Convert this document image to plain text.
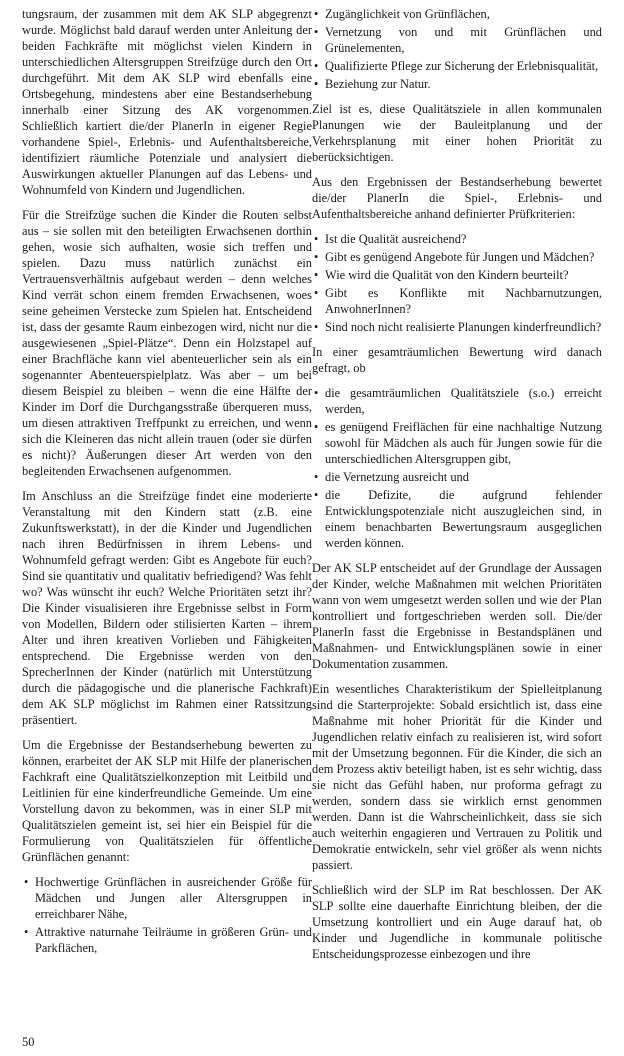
tungsraum, der zusammen mit dem AK SLP abgegrenzt wurde. Möglichst bald darauf werden unter Anleitung der beiden Fachkräfte mit möglichst vielen Kindern in unterschiedlichen Altersgruppen Streifzüge durch den Ort durchgeführt. Mit dem AK SLP wird ebenfalls eine Ortsbegehung, mindestens aber eine Bestandserhebung innerhalb einer Sitzung des AK vorgenommen. Schließlich kartiert die/der PlanerIn in eigener Regie vorhandene Spiel-, Erlebnis- und Aufenthaltsbereiche, identifiziert räumliche Potenziale und analysiert die Auswirkungen aktueller Planungen auf das Lebens- und Wohnumfeld von Kindern und Jugendlichen.

Für die Streifzüge suchen die Kinder die Routen selbst aus – sie sollen mit den beteiligten Erwachsenen dorthin gehen, wosie sich aufhalten, wosie sich treffen und spielen. Dazu muss natürlich zunächst ein Vertrauensverhältnis aufgebaut werden – denn welches Kind verrät schon einem fremden Erwachsenen, woes seine geheimen Verstecke zum Spielen hat. Entscheidend ist, dass der gesamte Raum einbezogen wird, nicht nur die ausgewiesenen „Spiel-Plätze“. Denn ein Holzstapel auf einer Brachfläche kann viel abenteuerlicher sein als ein sogenannter Abenteuerspielplatz. Was aber – um bei diesem Beispiel zu bleiben – wenn die eine Hälfte der Kinder im Dorf die Durchgangsstraße überqueren muss, um diesen attraktiven Treffpunkt zu erreichen, und wenn sich die Kleineren das nicht allein trauen (oder sie dürfen es nicht)? Äußerungen dieser Art werden von den begleitenden Erwachsenen aufgenommen.

Im Anschluss an die Streifzüge findet eine moderierte Veranstaltung mit den Kindern statt (z.B. eine Zukunftswerkstatt), in der die Kinder und Jugendlichen nach ihren Bedürfnissen in ihrem Lebens- und Wohnumfeld gefragt werden: Gibt es Angebote für euch? Sind sie quantitativ und qualitativ befriedigend? Was fehlt wo? Was wünscht ihr euch? Welche Prioritäten setzt ihr? Die Kinder visualisieren ihre Ergebnisse selbst in Form von Modellen, Bildern oder stilisierten Karten – ihrem Alter und ihren kreativen Vorlieben und Fähigkeiten entsprechend. Die Ergebnisse werden von den SprecherInnen der Kinder (natürlich mit Unterstützung durch die pädagogische und die planerische Fachkraft) dem AK SLP möglichst im Rahmen einer Ratssitzung präsentiert.

Um die Ergebnisse der Bestandserhebung bewerten zu können, erarbeitet der AK SLP mit Hilfe der planerischen Fachkraft eine Qualitätszielkonzeption mit Leitbild und Leitlinien für eine kinderfreundliche Gemeinde. Um eine Vorstellung davon zu bekommen, was in einer SLP mit Qualitätszielen gemeint ist, sei hier ein Beispiel für die Formulierung von Qualitätszielen für öffentliche Grünflächen genannt:

• Hochwertige Grünflächen in ausreichender Größe für Mädchen und Jungen aller Altersgruppen in erreichbarer Nähe,
• Attraktive naturnahe Teilräume in größeren Grün- und Parkflächen,
• Zugänglichkeit von Grünflächen,
• Vernetzung von und mit Grünflächen und Grünelementen,
• Qualifizierte Pflege zur Sicherung der Erlebnisqualität,
• Beziehung zur Natur.

Ziel ist es, diese Qualitätsziele in allen kommunalen Planungen wie der Bauleitplanung und der Verkehrsplanung mit einer hohen Priorität zu berücksichtigen.

Aus den Ergebnissen der Bestandserhebung bewertet die/der PlanerIn die Spiel-, Erlebnis- und Aufenthaltsbereiche anhand definierter Prüfkriterien:

• Ist die Qualität ausreichend?
• Gibt es genügend Angebote für Jungen und Mädchen?
• Wie wird die Qualität von den Kindern beurteilt?
• Gibt es Konflikte mit Nachbarnutzungen, AnwohnerInnen?
• Sind noch nicht realisierte Planungen kinderfreundlich?

In einer gesamträumlichen Bewertung wird danach gefragt, ob

• die gesamträumlichen Qualitätsziele (s.o.) erreicht werden,
• es genügend Freiflächen für eine nachhaltige Nutzung sowohl für Mädchen als auch für Jungen sowie für die unterschiedlichen Altersgruppen gibt,
• die Vernetzung ausreicht und
• die Defizite, die aufgrund fehlender Entwicklungspotenziale nicht auszugleichen sind, in einem benachbarten Bewertungsraum ausgeglichen werden können.

Der AK SLP entscheidet auf der Grundlage der Aussagen der Kinder, welche Maßnahmen mit welchen Prioritäten wann von wem umgesetzt werden sollen und wie der Plan kontrolliert und fortgeschrieben werden soll. Die/der PlanerIn fasst die Ergebnisse in Bestandsplänen und Maßnahmen- und Entwicklungsplänen sowie in einer Dokumentation zusammen.

Ein wesentliches Charakteristikum der Spielleitplanung sind die Starterprojekte: Sobald ersichtlich ist, dass eine Maßnahme mit hoher Priorität für die Kinder und Jugendlichen relativ einfach zu realisieren ist, wird sofort mit der Umsetzung begonnen. Für die Kinder, die sich an dem Prozess aktiv beteiligt haben, ist es sehr wichtig, dass sie nicht das Gefühl haben, nur proforma gefragt zu werden, sondern dass sie wirklich ernst genommen werden. Dann ist die Wahrscheinlichkeit, dass sie sich auch weiterhin engagieren und Vertrauen zu Politik und Demokratie entwickeln, sehr viel größer als wenn nichts passiert.

Schließlich wird der SLP im Rat beschlossen. Der AK SLP sollte eine dauerhafte Einrichtung bleiben, der die Umsetzung kontrolliert und ein Auge darauf hat, ob Kinder und Jugendliche in kommunale politische Entscheidungsprozesse einbezogen und ihre

50
